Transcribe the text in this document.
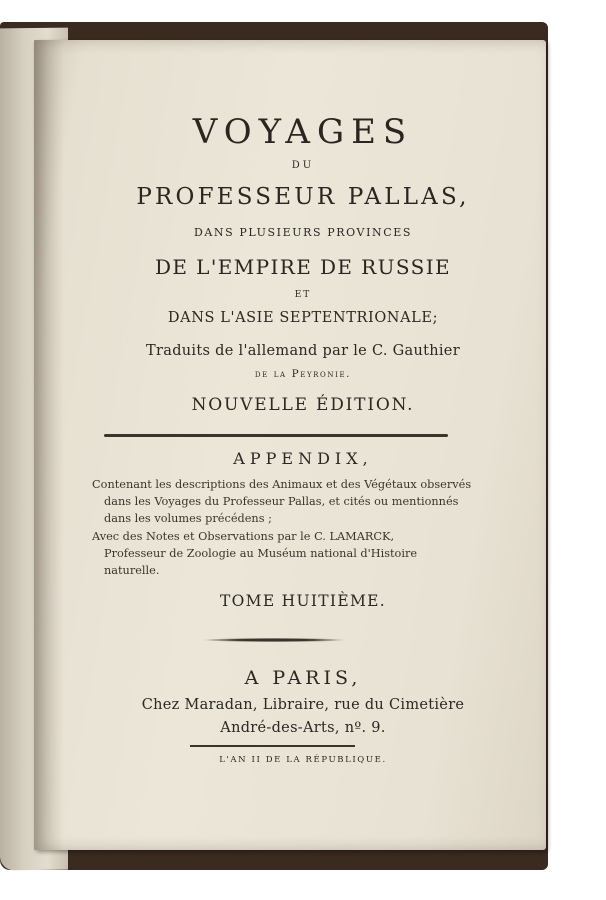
VOYAGES
DU
PROFESSEUR PALLAS,
DANS PLUSIEURS PROVINCES
DE L'EMPIRE DE RUSSIE
ET
DANS L'ASIE SEPTENTRIONALE;
Traduits de l'allemand par le C. Gauthier
de la Peyronie.
NOUVELLE ÉDITION.
APPENDIX,
Contenant les descriptions des Animaux et des Végétaux observés
dans les Voyages du Professeur Pallas, et cités ou mentionnés
dans les volumes précédens ;
Avec des Notes et Observations par le C. LAMARCK,
Professeur de Zoologie au Muséum national d'Histoire
naturelle.
TOME HUITIÈME.
A PARIS,
Chez Maradan, Libraire, rue du Cimetière
André-des-Arts, nº. 9.
L'AN II DE LA RÉPUBLIQUE.
